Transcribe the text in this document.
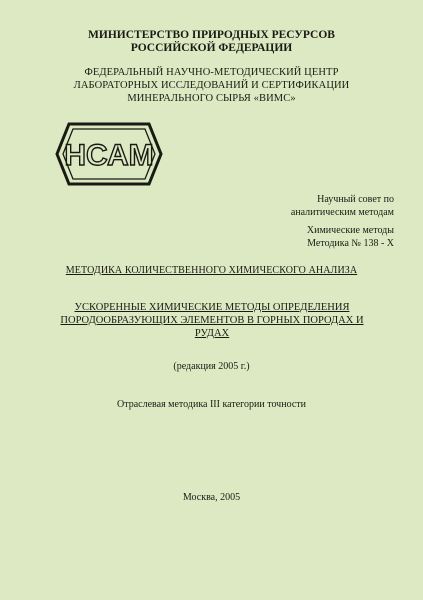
МИНИСТЕРСТВО ПРИРОДНЫХ РЕСУРСОВ
РОССИЙСКОЙ ФЕДЕРАЦИИ
ФЕДЕРАЛЬНЫЙ НАУЧНО-МЕТОДИЧЕСКИЙ ЦЕНТР
ЛАБОРАТОРНЫХ ИССЛЕДОВАНИЙ И СЕРТИФИКАЦИИ
МИНЕРАЛЬНОГО СЫРЬЯ «ВИМС»
НСАМ
Научный совет по
аналитическим методам
Химические методы
Методика № 138 - Х
МЕТОДИКА КОЛИЧЕСТВЕННОГО ХИМИЧЕСКОГО АНАЛИЗА
УСКОРЕННЫЕ ХИМИЧЕСКИЕ МЕТОДЫ ОПРЕДЕЛЕНИЯ
ПОРОДООБРАЗУЮЩИХ ЭЛЕМЕНТОВ В ГОРНЫХ ПОРОДАХ И
РУДАХ
(редакция 2005 г.)
Отраслевая методика III категории точности
Москва, 2005
